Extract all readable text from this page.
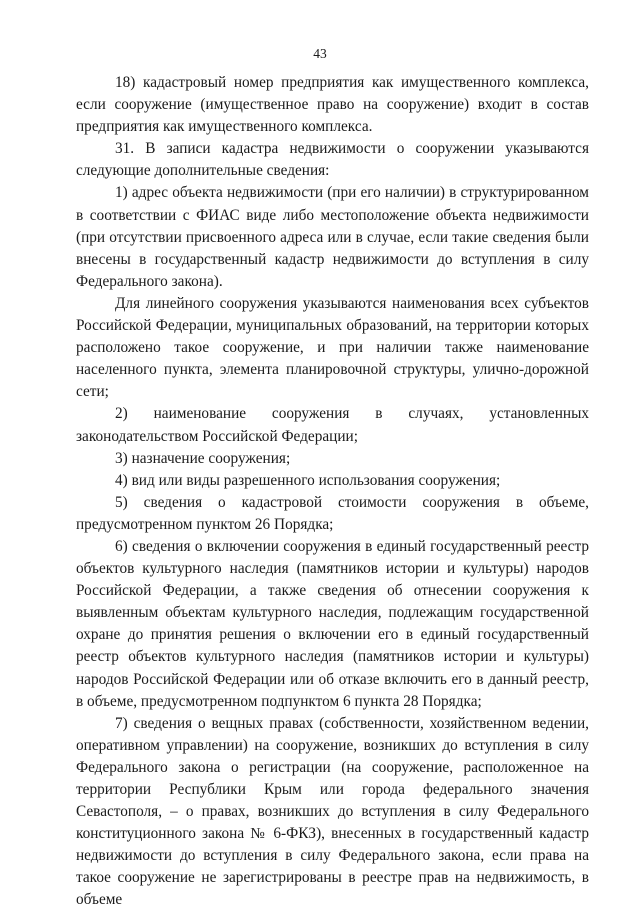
43

18) кадастровый номер предприятия как имущественного комплекса, если сооружение (имущественное право на сооружение) входит в состав предприятия как имущественного комплекса.

31. В записи кадастра недвижимости о сооружении указываются следующие дополнительные сведения:

1) адрес объекта недвижимости (при его наличии) в структурированном в соответствии с ФИАС виде либо местоположение объекта недвижимости (при отсутствии присвоенного адреса или в случае, если такие сведения были внесены в государственный кадастр недвижимости до вступления в силу Федерального закона).

Для линейного сооружения указываются наименования всех субъектов Российской Федерации, муниципальных образований, на территории которых расположено такое сооружение, и при наличии также наименование населенного пункта, элемента планировочной структуры, улично-дорожной сети;

2) наименование сооружения в случаях, установленных законодательством Российской Федерации;

3) назначение сооружения;

4) вид или виды разрешенного использования сооружения;

5) сведения о кадастровой стоимости сооружения в объеме, предусмотренном пунктом 26 Порядка;

6) сведения о включении сооружения в единый государственный реестр объектов культурного наследия (памятников истории и культуры) народов Российской Федерации, а также сведения об отнесении сооружения к выявленным объектам культурного наследия, подлежащим государственной охране до принятия решения о включении его в единый государственный реестр объектов культурного наследия (памятников истории и культуры) народов Российской Федерации или об отказе включить его в данный реестр, в объеме, предусмотренном подпунктом 6 пункта 28 Порядка;

7) сведения о вещных правах (собственности, хозяйственном ведении, оперативном управлении) на сооружение, возникших до вступления в силу Федерального закона о регистрации (на сооружение, расположенное на территории Республики Крым или города федерального значения Севастополя, – о правах, возникших до вступления в силу Федерального конституционного закона № 6-ФКЗ), внесенных в государственный кадастр недвижимости до вступления в силу Федерального закона, если права на такое сооружение не зарегистрированы в реестре прав на недвижимость, в объеме
